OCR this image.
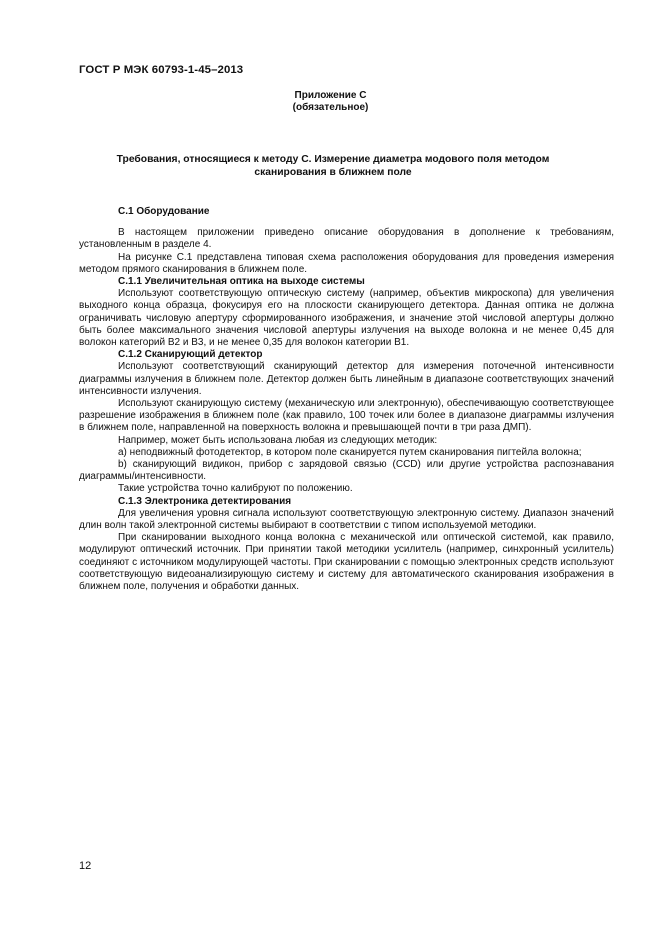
ГОСТ Р МЭК 60793-1-45–2013
Приложение С
(обязательное)
Требования, относящиеся к методу С. Измерение диаметра модового поля методом сканирования в ближнем поле
С.1 Оборудование

В настоящем приложении приведено описание оборудования в дополнение к требованиям, установленным в разделе 4.

На рисунке С.1 представлена типовая схема расположения оборудования для проведения измерения методом прямого сканирования в ближнем поле.

С.1.1 Увеличительная оптика на выходе системы

Используют соответствующую оптическую систему (например, объектив микроскопа) для увеличения выходного конца образца, фокусируя его на плоскости сканирующего детектора. Данная оптика не должна ограничивать числовую апертуру сформированного изображения, и значение этой числовой апертуры должно быть более максимального значения числовой апертуры излучения на выходе волокна и не менее 0,45 для волокон категорий В2 и В3, и не менее 0,35 для волокон категории В1.

С.1.2 Сканирующий детектор

Используют соответствующий сканирующий детектор для измерения поточечной интенсивности диаграммы излучения в ближнем поле. Детектор должен быть линейным в диапазоне соответствующих значений интенсивности излучения.

Используют сканирующую систему (механическую или электронную), обеспечивающую соответствующее разрешение изображения в ближнем поле (как правило, 100 точек или более в диапазоне диаграммы излучения в ближнем поле, направленной на поверхность волокна и превышающей почти в три раза ДМП).

Например, может быть использована любая из следующих методик:

а) неподвижный фотодетектор, в котором поле сканируется путем сканирования пигтейла волокна;

b) сканирующий видикон, прибор с зарядовой связью (CCD) или другие устройства распознавания диаграммы/интенсивности.

Такие устройства точно калибруют по положению.

С.1.3 Электроника детектирования

Для увеличения уровня сигнала используют соответствующую электронную систему. Диапазон значений длин волн такой электронной системы выбирают в соответствии с типом используемой методики.

При сканировании выходного конца волокна с механической или оптической системой, как правило, модулируют оптический источник. При принятии такой методики усилитель (например, синхронный усилитель) соединяют с источником модулирующей частоты. При сканировании с помощью электронных средств используют соответствующую видеоанализирующую систему и систему для автоматического сканирования изображения в ближнем поле, получения и обработки данных.

12
